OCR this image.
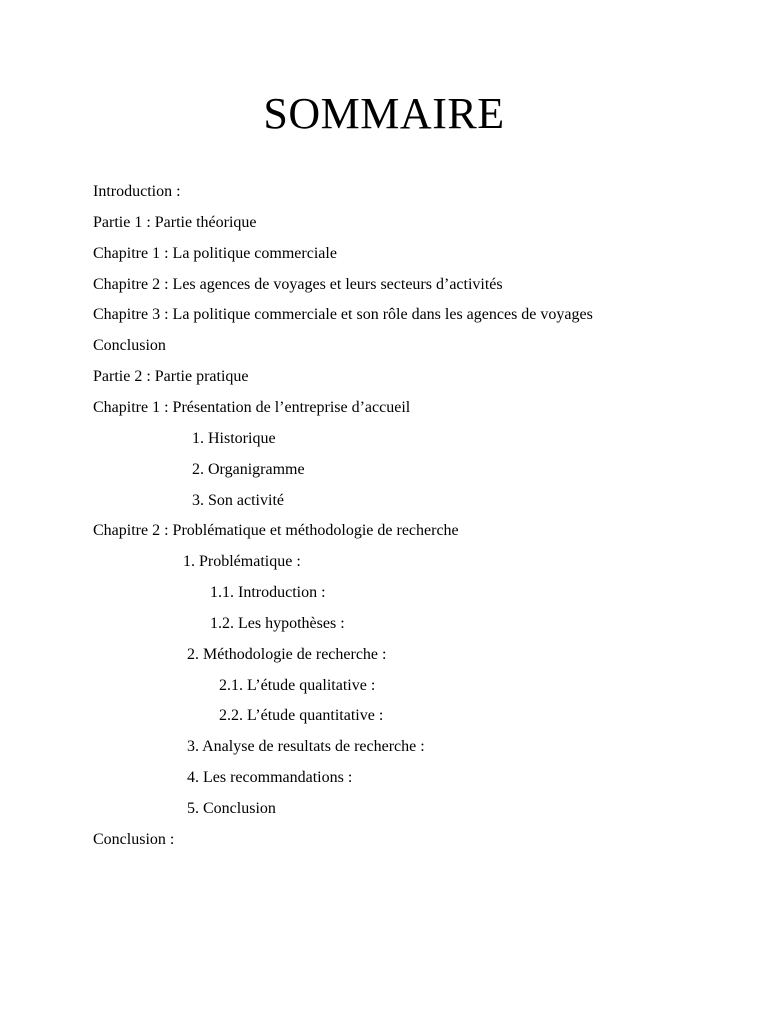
SOMMAIRE
Introduction :
Partie 1 : Partie théorique
Chapitre 1 : La politique commerciale
Chapitre 2 : Les agences de voyages et leurs secteurs d’activités
Chapitre 3 : La politique commerciale et son rôle dans les agences de voyages
Conclusion
Partie 2 : Partie pratique
Chapitre 1 : Présentation de l’entreprise d’accueil
1. Historique
2. Organigramme
3. Son activité
Chapitre 2 : Problématique et méthodologie de recherche
1. Problématique :
1.1. Introduction :
1.2. Les hypothèses :
2. Méthodologie de recherche :
2.1. L’étude qualitative :
2.2. L’étude quantitative :
3. Analyse de resultats de recherche :
4. Les recommandations :
5. Conclusion
Conclusion :
